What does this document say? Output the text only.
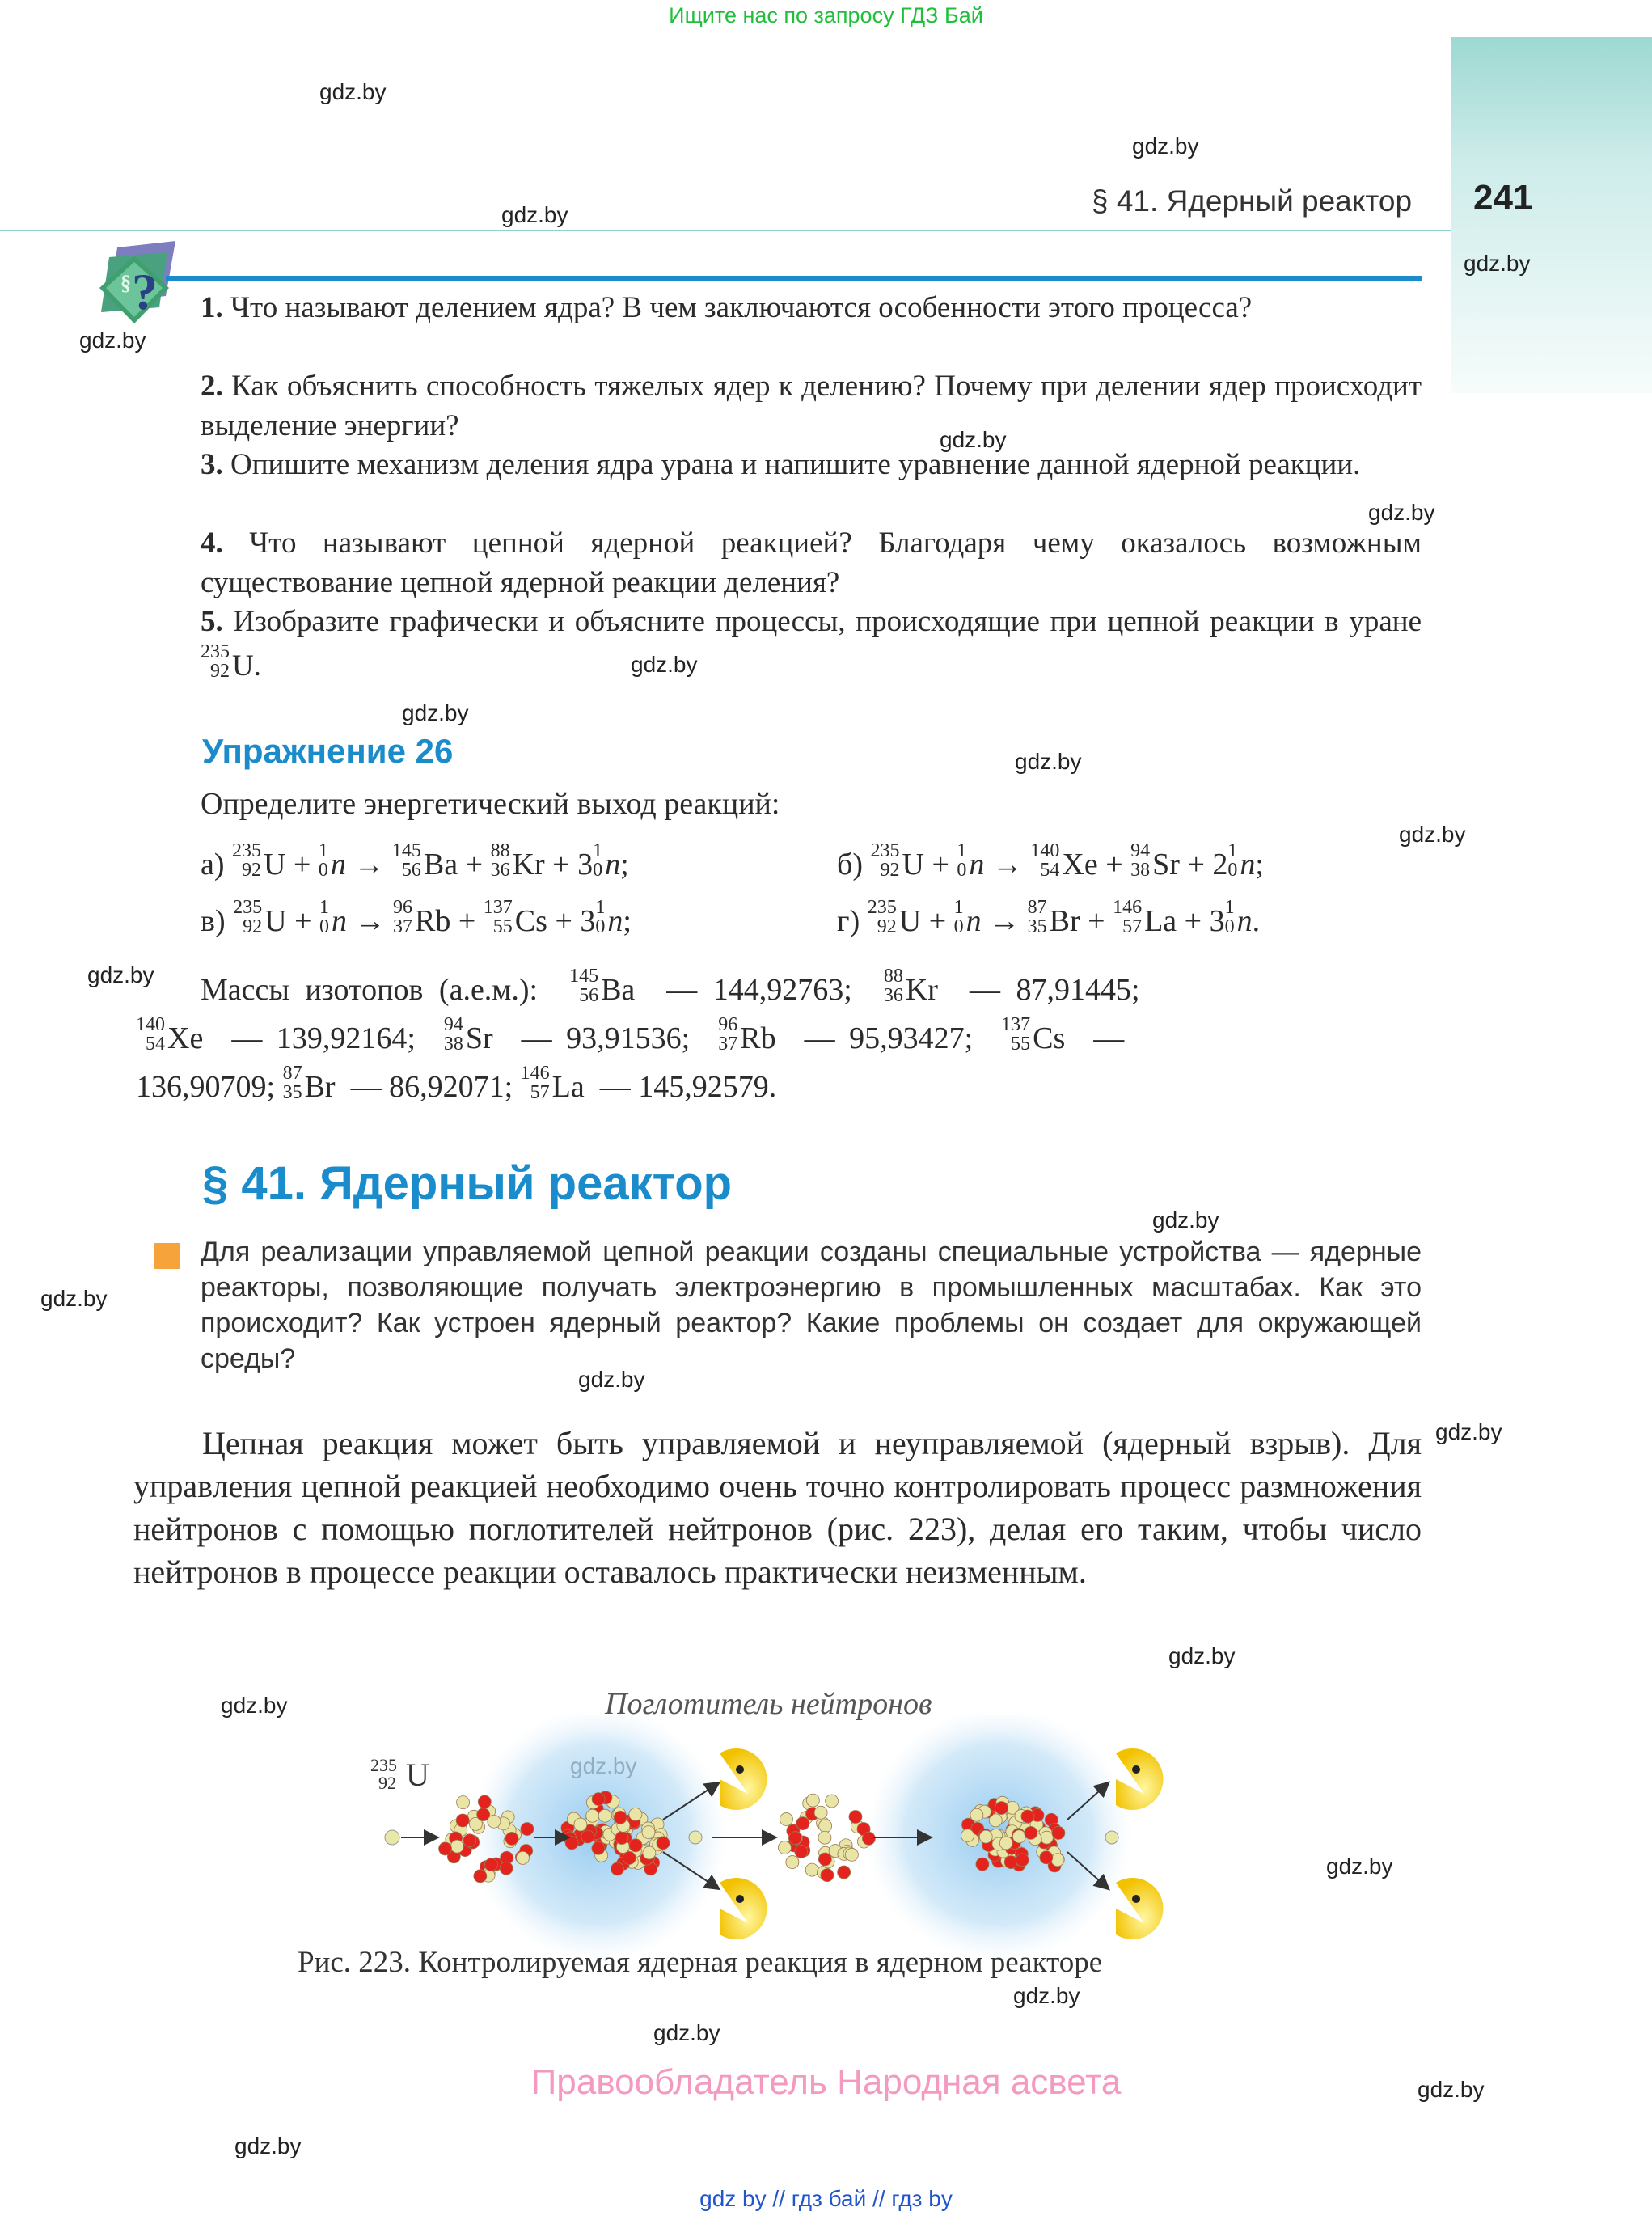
Ищите нас по запросу ГДЗ Бай
§ 41. Ядерный реактор 241
gdz.by
gdz.by
gdz.by
gdz.by
gdz.by
gdz.by
gdz.by
gdz.by
gdz.by
gdz.by
gdz.by
gdz.by
gdz.by
gdz.by
gdz.by
gdz.by
gdz.by
gdz.by
gdz.by
gdz.by
gdz.by
gdz.by
gdz.by
§ ? 1. Что называют делением ядра? В чем заключаются особенности этого процесса?
2. Как объяснить способность тяжелых ядер к делению? Почему при делении ядер происходит выделение энергии?
3. Опишите механизм деления ядра урана и напишите уравнение данной ядерной реакции.
4. Что называют цепной ядерной реакцией? Благодаря чему оказалось возможным существование цепной ядерной реакции деления?
5. Изобразите графически и объясните процессы, происходящие при цепной реакции в уране
235
92 U.
Упражнение 26
Определите энергетический выход реакций:
а) 235
92 U + 1
0 n → 145
56 Ba + 88
36 Kr + 3 1
0 n;	б) 235
92 U + 1
0 n → 140
54 Xe + 94
38 Sr + 2 1
0 n;
в) 235
92 U + 1
0 n → 96
37 Rb + 137
55 Cs + 3 1
0 n;	г) 235
92 U + 1
0 n → 87
35 Br + 146
57 La + 3 1
0 n.
Массы изотопов (а.е.м.): 145
56 Ba — 144,92763; 88
36 Kr — 87,91445;
140
54 Xe — 139,92164; 94
38 Sr — 93,91536; 96
37 Rb — 95,93427; 137
55 Cs —
136,90709; 87
35 Br — 86,92071; 146
57 La — 145,92579.
§ 41. Ядерный реактор
Для реализации управляемой цепной реакции созданы специальные устройства — ядерные реакторы, позволяющие получать электроэнергию в промышленных масштабах. Как это происходит? Как устроен ядерный реактор? Какие проблемы он создает для окружающей среды?
Цепная реакция может быть управляемой и неуправляемой (ядерный взрыв). Для управления цепной реакцией необходимо очень точно контролировать процесс размножения нейтронов с помощью поглотителей нейтронов (рис. 223), делая его таким, чтобы число нейтронов в процессе реакции оставалось практически неизменным.
Поглотитель нейтронов
235
92 U
Рис. 223. Контролируемая ядерная реакция в ядерном реакторе
Правообладатель Народная асвета
gdz by // гдз бай // гдз by
